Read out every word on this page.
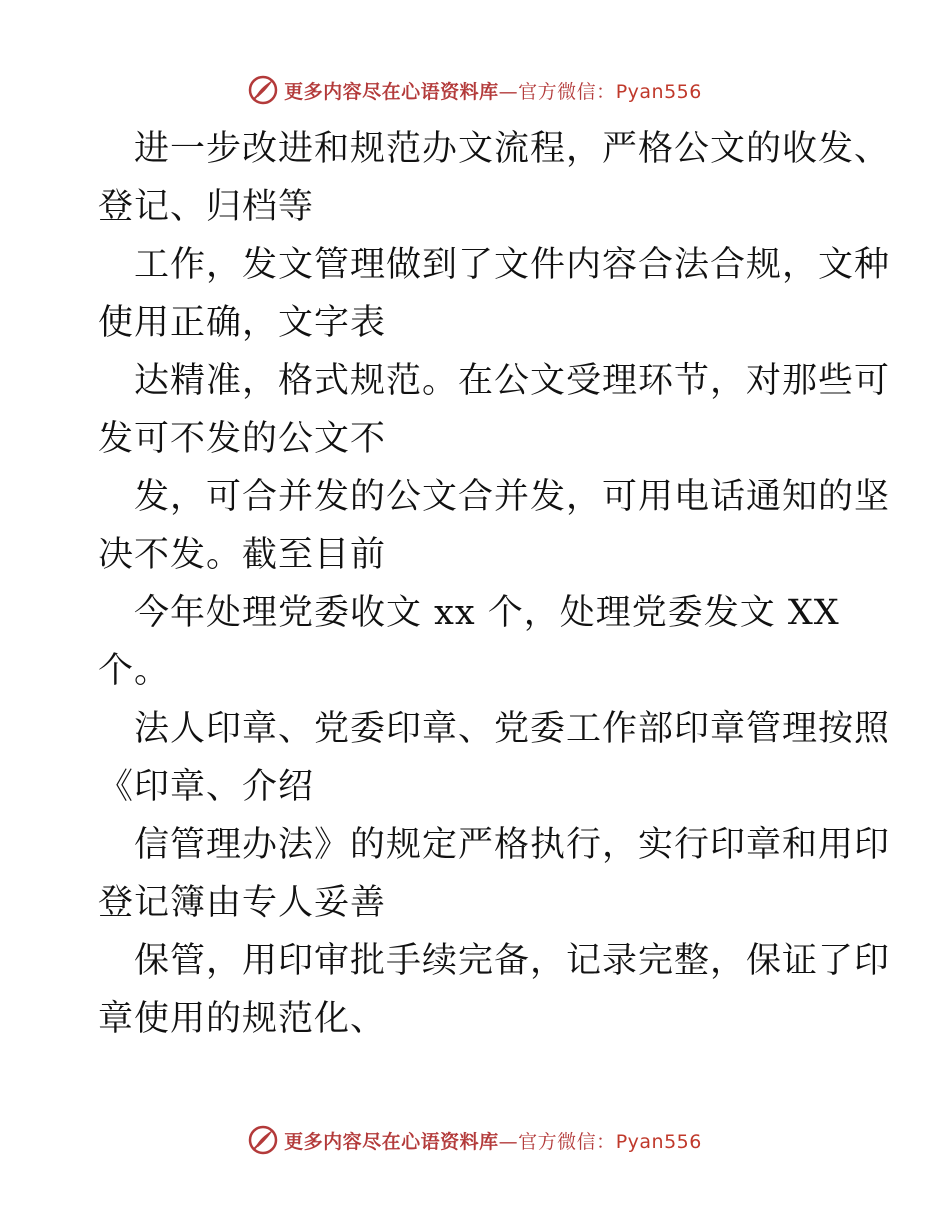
更多内容尽在心语资料库—官方微信：Pyan556
进一步改进和规范办文流程，严格公文的收发、
登记、归档等
工作，发文管理做到了文件内容合法合规，文种
使用正确，文字表
达精准，格式规范。在公文受理环节，对那些可
发可不发的公文不
发，可合并发的公文合并发，可用电话通知的坚
决不发。截至目前
今年处理党委收文 xx 个，处理党委发文 XX
个。
法人印章、党委印章、党委工作部印章管理按照
《印章、介绍
信管理办法》的规定严格执行，实行印章和用印
登记簿由专人妥善
保管，用印审批手续完备，记录完整，保证了印
章使用的规范化、
更多内容尽在心语资料库—官方微信：Pyan556
